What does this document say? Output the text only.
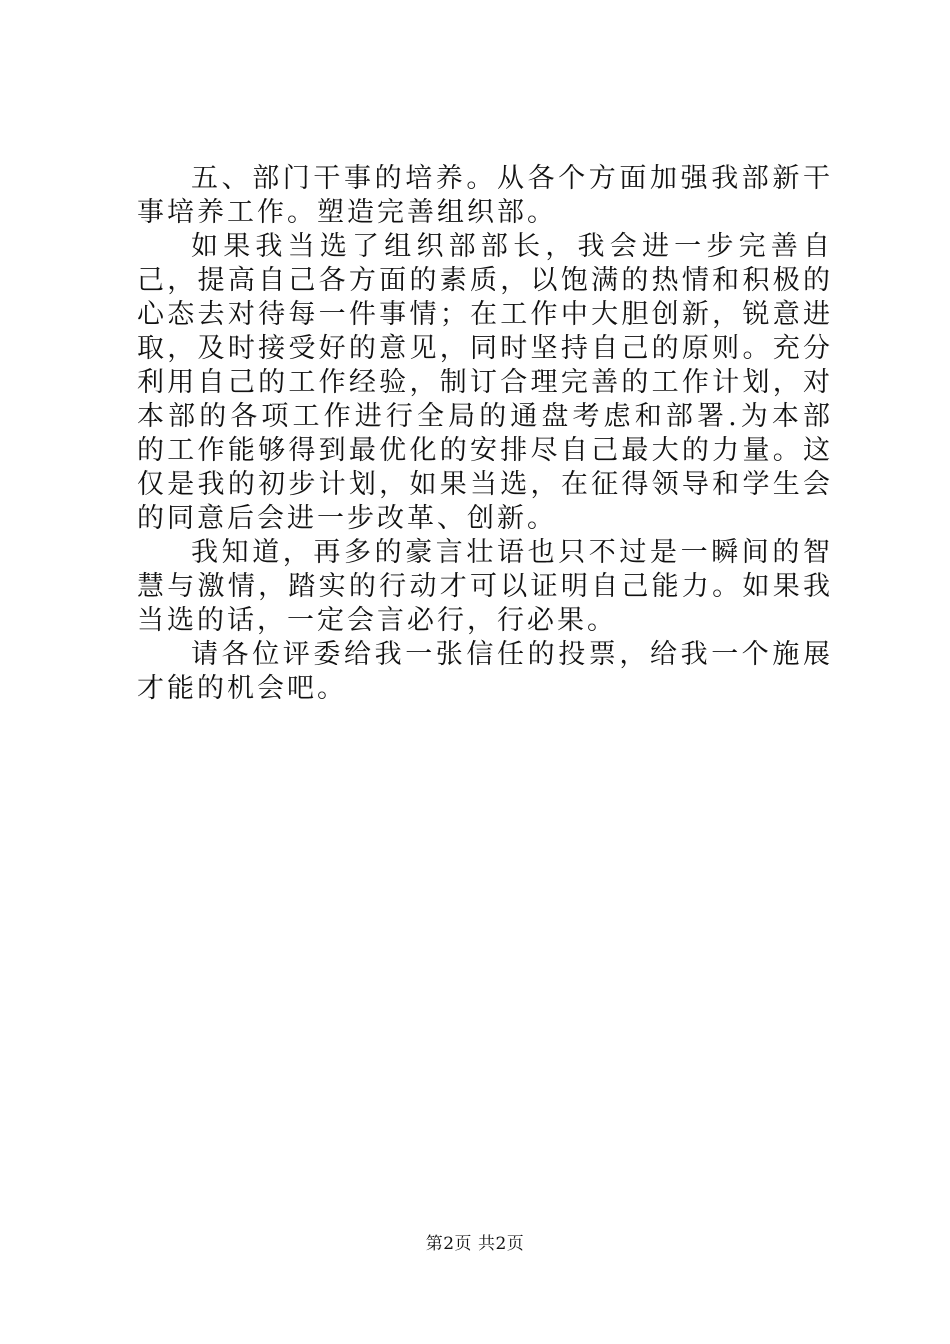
五、部门干事的培养。从各个方面加强我部新干事培养工作。塑造完善组织部。

如果我当选了组织部部长，我会进一步完善自己，提高自己各方面的素质，以饱满的热情和积极的心态去对待每一件事情；在工作中大胆创新，锐意进取，及时接受好的意见，同时坚持自己的原则。充分利用自己的工作经验，制订合理完善的工作计划，对本部的各项工作进行全局的通盘考虑和部署.为本部的工作能够得到最优化的安排尽自己最大的力量。这仅是我的初步计划，如果当选，在征得领导和学生会的同意后会进一步改革、创新。

我知道，再多的豪言壮语也只不过是一瞬间的智慧与激情，踏实的行动才可以证明自己能力。如果我当选的话，一定会言必行，行必果。

请各位评委给我一张信任的投票，给我一个施展才能的机会吧。

第2页 共2页
